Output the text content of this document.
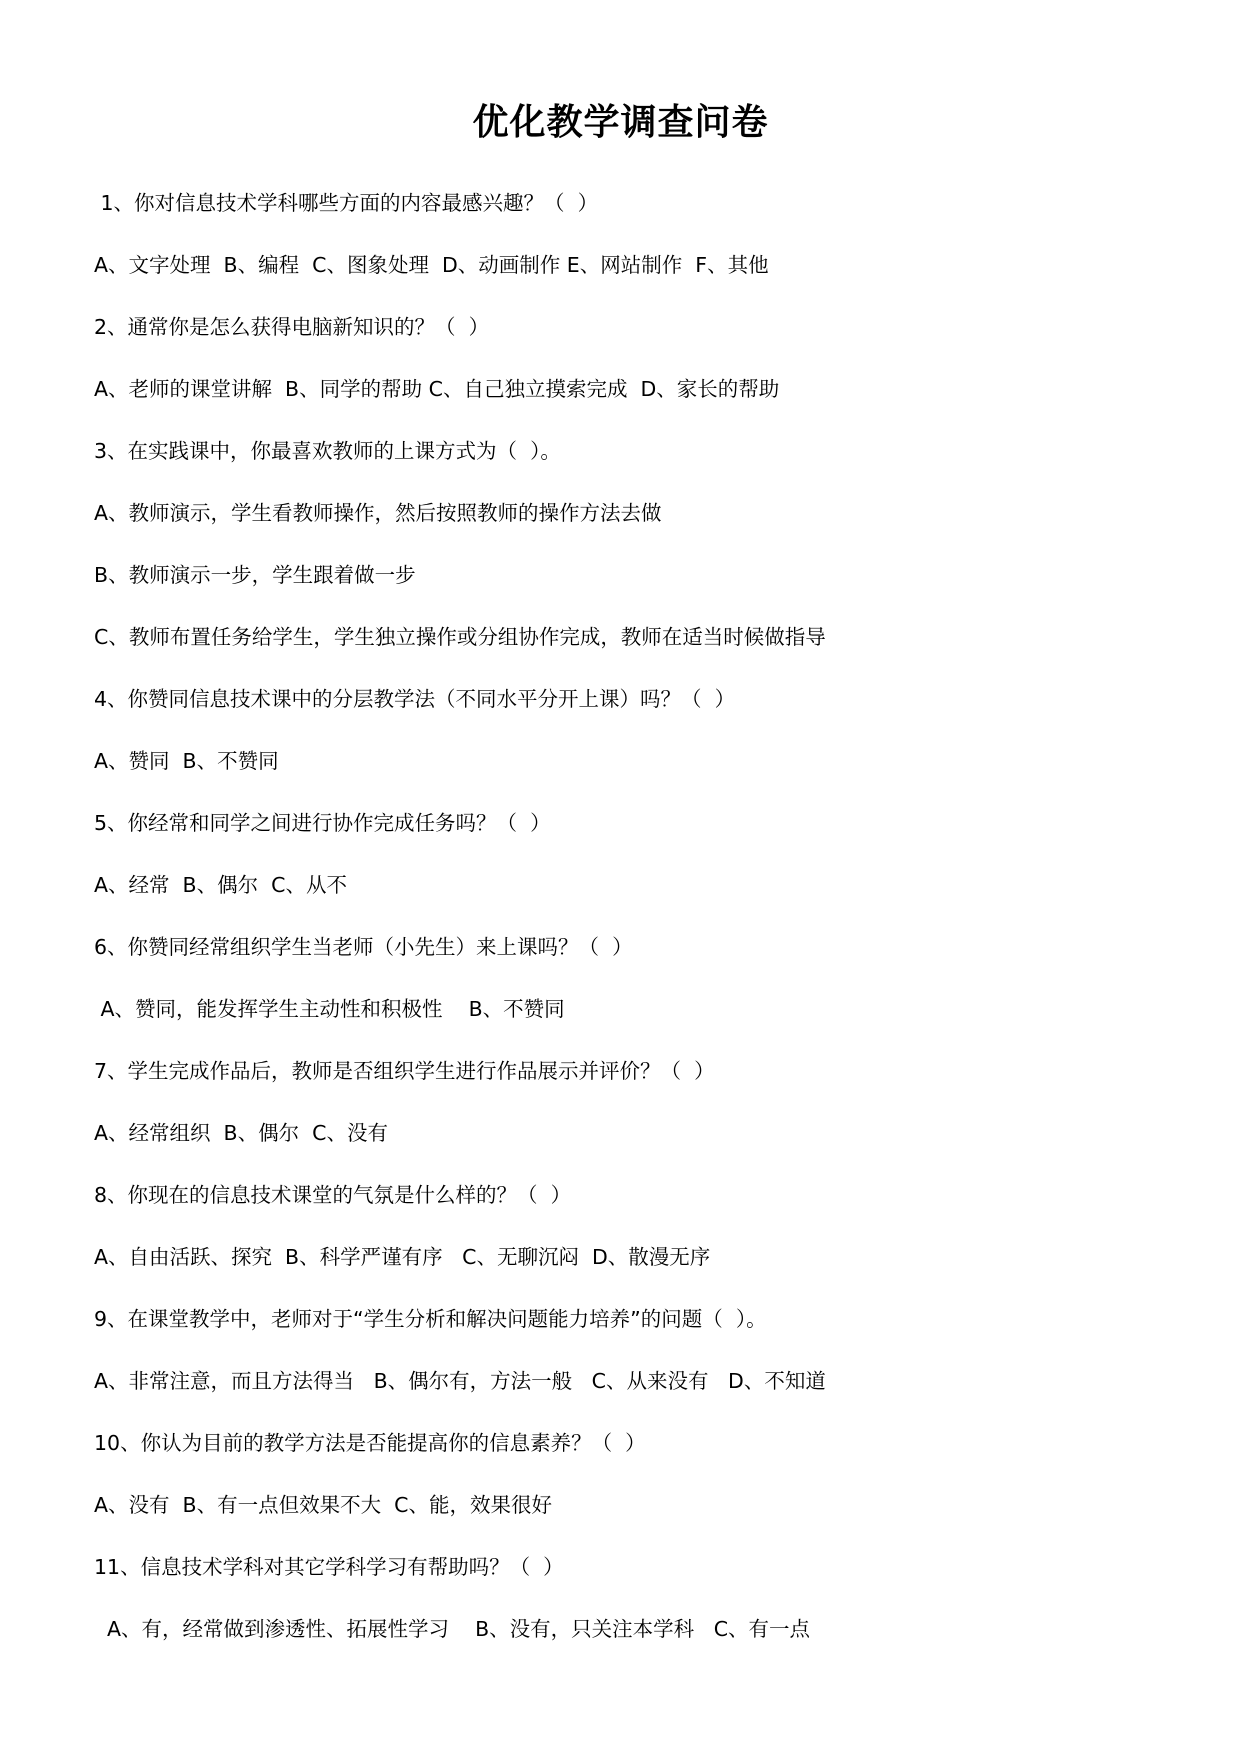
优化教学调查问卷
1、你对信息技术学科哪些方面的内容最感兴趣？（  ）
A、文字处理  B、编程  C、图象处理  D、动画制作 E、网站制作  F、其他
2、通常你是怎么获得电脑新知识的？（  ）
A、老师的课堂讲解  B、同学的帮助 C、自己独立摸索完成  D、家长的帮助
3、在实践课中，你最喜欢教师的上课方式为（  ）。
A、教师演示，学生看教师操作，然后按照教师的操作方法去做
B、教师演示一步，学生跟着做一步
C、教师布置任务给学生，学生独立操作或分组协作完成，教师在适当时候做指导
4、你赞同信息技术课中的分层教学法（不同水平分开上课）吗？（  ）
A、赞同  B、不赞同
5、你经常和同学之间进行协作完成任务吗？（  ）
A、经常  B、偶尔  C、从不
6、你赞同经常组织学生当老师（小先生）来上课吗？（  ）
A、赞同，能发挥学生主动性和积极性    B、不赞同
7、学生完成作品后，教师是否组织学生进行作品展示并评价？（  ）
A、经常组织  B、偶尔  C、没有
8、你现在的信息技术课堂的气氛是什么样的？（  ）
A、自由活跃、探究  B、科学严谨有序   C、无聊沉闷  D、散漫无序
9、在课堂教学中，老师对于“学生分析和解决问题能力培养”的问题（  ）。
A、非常注意，而且方法得当   B、偶尔有，方法一般   C、从来没有   D、不知道
10、你认为目前的教学方法是否能提高你的信息素养？（  ）
A、没有  B、有一点但效果不大  C、能，效果很好
11、信息技术学科对其它学科学习有帮助吗？（  ）
A、有，经常做到渗透性、拓展性学习    B、没有，只关注本学科   C、有一点
